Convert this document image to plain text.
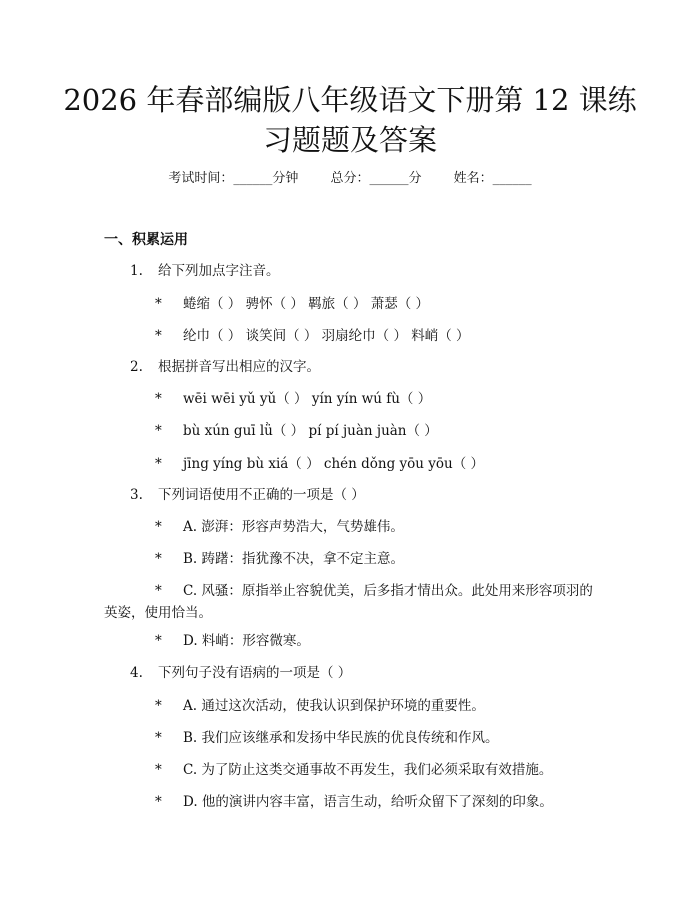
2026 年春部编版八年级语文下册第 12 课练
习题题及答案
考试时间：______分钟 总分：______分 姓名：______
一、积累运用
1. 给下列加点字注音。
* 蜷缩（ ） 骋怀（ ） 羁旅（ ） 萧瑟（ ）
* 纶巾（ ） 谈笑间（ ） 羽扇纶巾（ ） 料峭（ ）
2. 根据拼音写出相应的汉字。
* wēi wēi yǔ yǔ（ ） yín yín wú fù（ ）
* bù xún guī lǜ（ ） pí pí juàn juàn（ ）
* jīng yíng bù xiá（ ） chén dǒng yōu yōu（ ）
3. 下列词语使用不正确的一项是（ ）
* A. 澎湃：形容声势浩大，气势雄伟。
* B. 踌躇：指犹豫不决，拿不定主意。
* C. 风骚：原指举止容貌优美，后多指才情出众。此处用来形容项羽的英姿，使用恰当。
* D. 料峭：形容微寒。
4. 下列句子没有语病的一项是（ ）
* A. 通过这次活动，使我认识到保护环境的重要性。
* B. 我们应该继承和发扬中华民族的优良传统和作风。
* C. 为了防止这类交通事故不再发生，我们必须采取有效措施。
* D. 他的演讲内容丰富，语言生动，给听众留下了深刻的印象。
